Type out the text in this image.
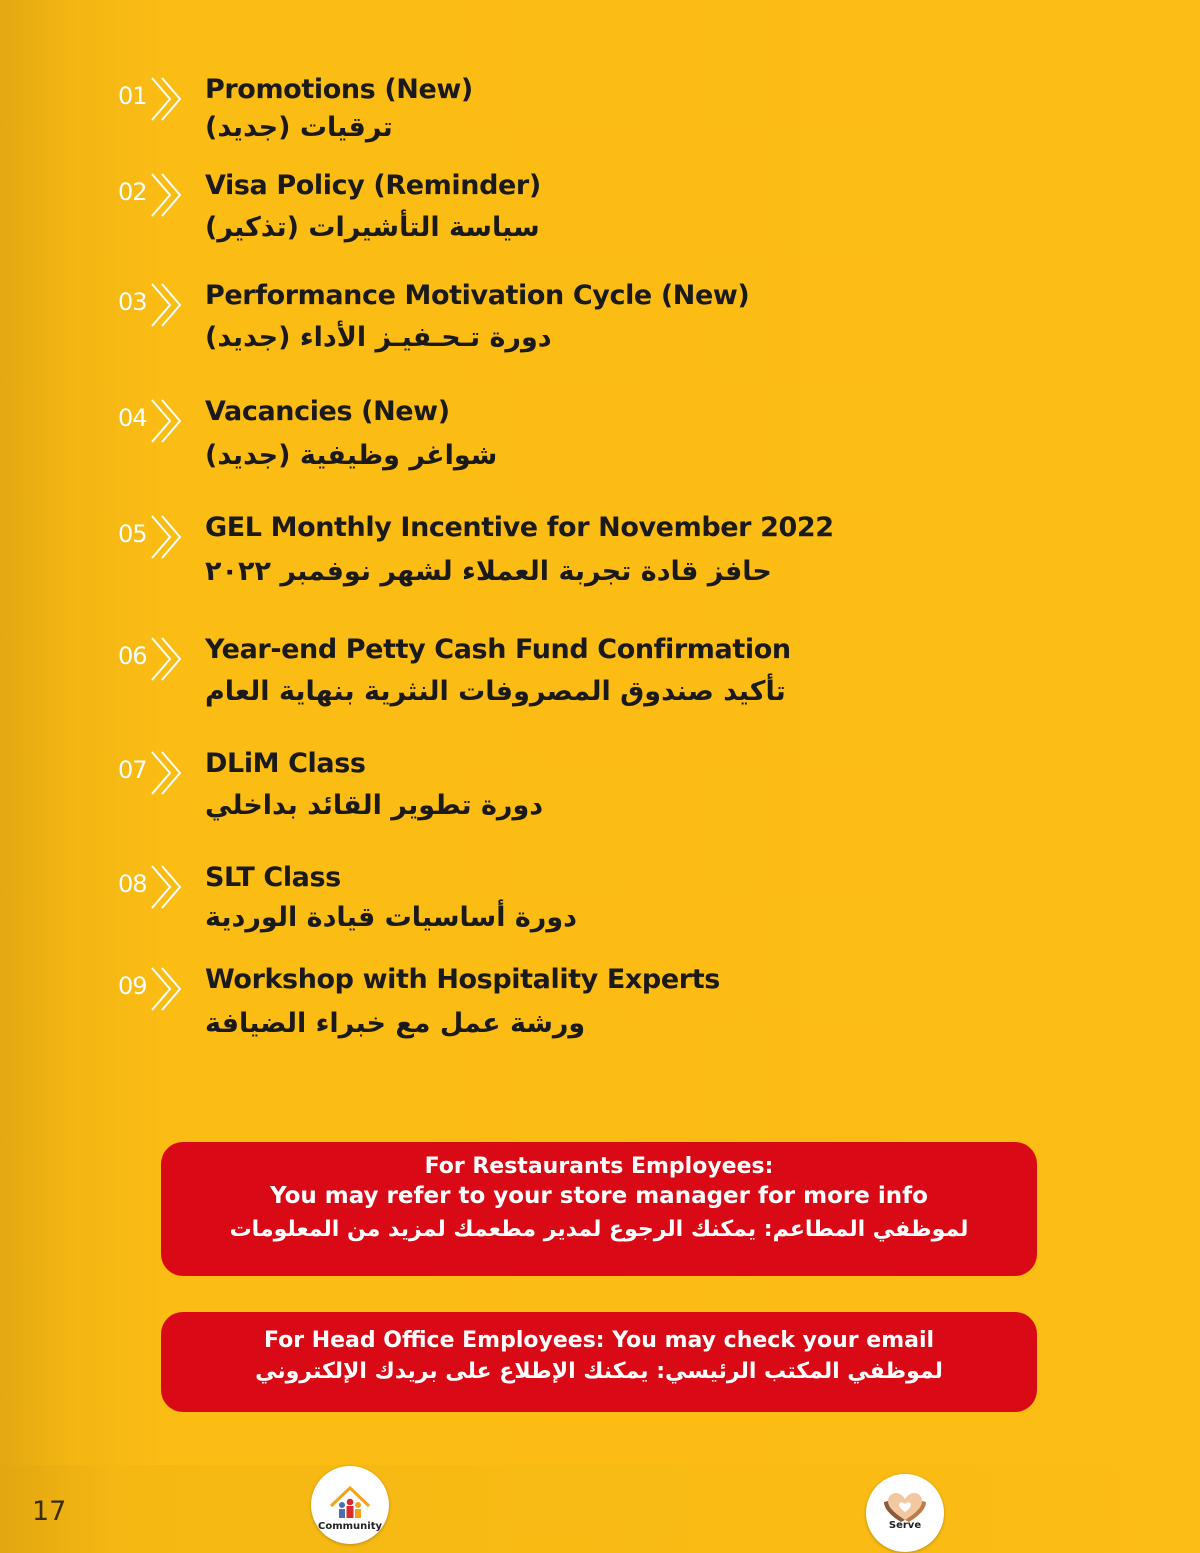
01 Promotions (New)
ترقيات (جديد)
02 Visa Policy (Reminder)
سياسة التأشيرات (تذكير)
03 Performance Motivation Cycle (New)
دورة تـحـفيـز الأداء (جديد)
04 Vacancies (New)
شواغر وظيفية (جديد)
05 GEL Monthly Incentive for November 2022
حافز قادة تجربة العملاء لشهر نوفمبر ٢٠٢٢
06 Year-end Petty Cash Fund Confirmation
تأكيد صندوق المصروفات النثرية بنهاية العام
07 DLiM Class
دورة تطوير القائد بداخلي
08 SLT Class
دورة أساسيات قيادة الوردية
09 Workshop with Hospitality Experts
ورشة عمل مع خبراء الضيافة
For Restaurants Employees:
You may refer to your store manager for more info
لموظفي المطاعم: يمكنك الرجوع لمدير مطعمك لمزيد من المعلومات
For Head Office Employees: You may check your email
لموظفي المكتب الرئيسي: يمكنك الإطلاع على بريدك الإلكتروني
17	Community	Serve
